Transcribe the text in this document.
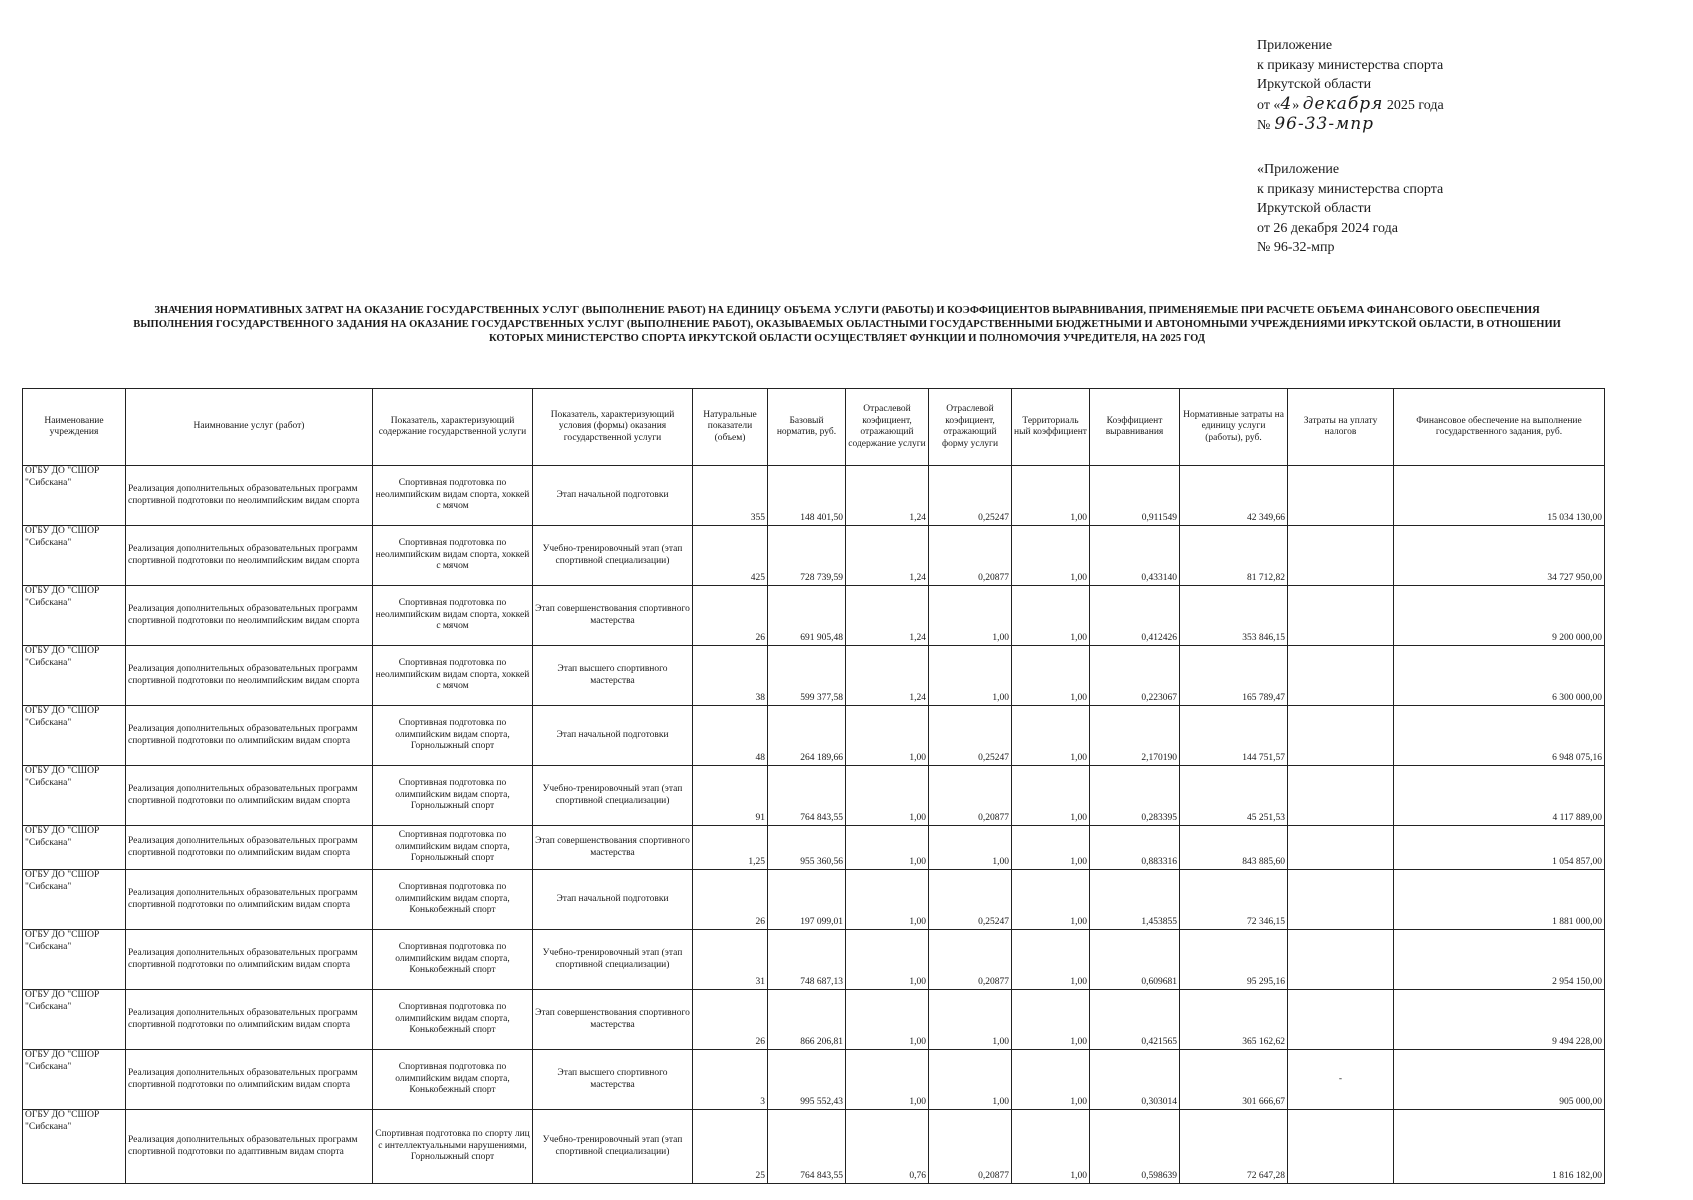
Приложение
к приказу министерства спорта
Иркутской области
от «4» декабря 2025 года
№ 96-33-мпр
«Приложение
к приказу министерства спорта
Иркутской области
от 26 декабря 2024 года
№ 96-32-мпр
ЗНАЧЕНИЯ НОРМАТИВНЫХ ЗАТРАТ НА ОКАЗАНИЕ ГОСУДАРСТВЕННЫХ УСЛУГ (ВЫПОЛНЕНИЕ РАБОТ) НА ЕДИНИЦУ ОБЪЕМА УСЛУГИ (РАБОТЫ) И КОЭФФИЦИЕНТОВ ВЫРАВНИВАНИЯ, ПРИМЕНЯЕМЫЕ ПРИ РАСЧЕТЕ ОБЪЕМА ФИНАНСОВОГО ОБЕСПЕЧЕНИЯ
ВЫПОЛНЕНИЯ ГОСУДАРСТВЕННОГО ЗАДАНИЯ НА ОКАЗАНИЕ ГОСУДАРСТВЕННЫХ УСЛУГ (ВЫПОЛНЕНИЕ РАБОТ), ОКАЗЫВАЕМЫХ ОБЛАСТНЫМИ ГОСУДАРСТВЕННЫМИ БЮДЖЕТНЫМИ И АВТОНОМНЫМИ УЧРЕЖДЕНИЯМИ ИРКУТСКОЙ ОБЛАСТИ, В ОТНОШЕНИИ
КОТОРЫХ МИНИСТЕРСТВО СПОРТА ИРКУТСКОЙ ОБЛАСТИ ОСУЩЕСТВЛЯЕТ ФУНКЦИИ И ПОЛНОМОЧИЯ УЧРЕДИТЕЛЯ, НА 2025 ГОД
Наименование учреждения	Наимнование услуг (работ)	Показатель, характеризующий содержание государственной услуги	Показатель, характеризующий условия (формы) оказания государственной услуги	Натуральные показатели (объем)	Базовый норматив, руб.	Отраслевой коэфициент, отражающий содержание услуги	Отраслевой коэфициент, отражающий форму услуги	Территориаль ный коэффициент	Коэффициент выравнивания	Нормативные затраты на единицу услуги (работы), руб.	Затраты на уплату налогов	Финансовое обеспечение на выполнение государственного задания, руб.
ОГБУ ДО "СШОР "Сибскана"	Реализация дополнительных образовательных программ спортивной подготовки по неолимпийским видам спорта	Спортивная подготовка по неолимпийским видам спорта, хоккей с мячом	Этап начальной подготовки	355	148 401,50	1,24	0,25247	1,00	0,911549	42 349,66		15 034 130,00
ОГБУ ДО "СШОР "Сибскана"	Реализация дополнительных образовательных программ спортивной подготовки по неолимпийским видам спорта	Спортивная подготовка по неолимпийским видам спорта, хоккей с мячом	Учебно-тренировочный этап (этап спортивной специализации)	425	728 739,59	1,24	0,20877	1,00	0,433140	81 712,82		34 727 950,00
ОГБУ ДО "СШОР "Сибскана"	Реализация дополнительных образовательных программ спортивной подготовки по неолимпийским видам спорта	Спортивная подготовка по неолимпийским видам спорта, хоккей с мячом	Этап совершенствования спортивного мастерства	26	691 905,48	1,24	1,00	1,00	0,412426	353 846,15		9 200 000,00
ОГБУ ДО "СШОР "Сибскана"	Реализация дополнительных образовательных программ спортивной подготовки по неолимпийским видам спорта	Спортивная подготовка по неолимпийским видам спорта, хоккей с мячом	Этап высшего спортивного мастерства	38	599 377,58	1,24	1,00	1,00	0,223067	165 789,47		6 300 000,00
ОГБУ ДО "СШОР "Сибскана"	Реализация дополнительных образовательных программ спортивной подготовки по олимпийским видам спорта	Спортивная подготовка по олимпийским видам спорта, Горнолыжный спорт	Этап начальной подготовки	48	264 189,66	1,00	0,25247	1,00	2,170190	144 751,57		6 948 075,16
ОГБУ ДО "СШОР "Сибскана"	Реализация дополнительных образовательных программ спортивной подготовки по олимпийским видам спорта	Спортивная подготовка по олимпийским видам спорта, Горнолыжный спорт	Учебно-тренировочный этап (этап спортивной специализации)	91	764 843,55	1,00	0,20877	1,00	0,283395	45 251,53		4 117 889,00
ОГБУ ДО "СШОР "Сибскана"	Реализация дополнительных образовательных программ спортивной подготовки по олимпийским видам спорта	Спортивная подготовка по олимпийским видам спорта, Горнолыжный спорт	Этап совершенствования спортивного мастерства	1,25	955 360,56	1,00	1,00	1,00	0,883316	843 885,60		1 054 857,00
ОГБУ ДО "СШОР "Сибскана"	Реализация дополнительных образовательных программ спортивной подготовки по олимпийским видам спорта	Спортивная подготовка по олимпийским видам спорта, Конькобежный спорт	Этап начальной подготовки	26	197 099,01	1,00	0,25247	1,00	1,453855	72 346,15		1 881 000,00
ОГБУ ДО "СШОР "Сибскана"	Реализация дополнительных образовательных программ спортивной подготовки по олимпийским видам спорта	Спортивная подготовка по олимпийским видам спорта, Конькобежный спорт	Учебно-тренировочный этап (этап спортивной специализации)	31	748 687,13	1,00	0,20877	1,00	0,609681	95 295,16		2 954 150,00
ОГБУ ДО "СШОР "Сибскана"	Реализация дополнительных образовательных программ спортивной подготовки по олимпийским видам спорта	Спортивная подготовка по олимпийским видам спорта, Конькобежный спорт	Этап совершенствования спортивного мастерства	26	866 206,81	1,00	1,00	1,00	0,421565	365 162,62		9 494 228,00
ОГБУ ДО "СШОР "Сибскана"	Реализация дополнительных образовательных программ спортивной подготовки по олимпийским видам спорта	Спортивная подготовка по олимпийским видам спорта, Конькобежный спорт	Этап высшего спортивного мастерства	3	995 552,43	1,00	1,00	1,00	0,303014	301 666,67	-	905 000,00
ОГБУ ДО "СШОР "Сибскана"	Реализация дополнительных образовательных программ спортивной подготовки по адаптивным видам спорта	Спортивная подготовка по спорту лиц с интеллектуальными нарушениями, Горнолыжный спорт	Учебно-тренировочный этап (этап спортивной специализации)	25	764 843,55	0,76	0,20877	1,00	0,598639	72 647,28		1 816 182,00
